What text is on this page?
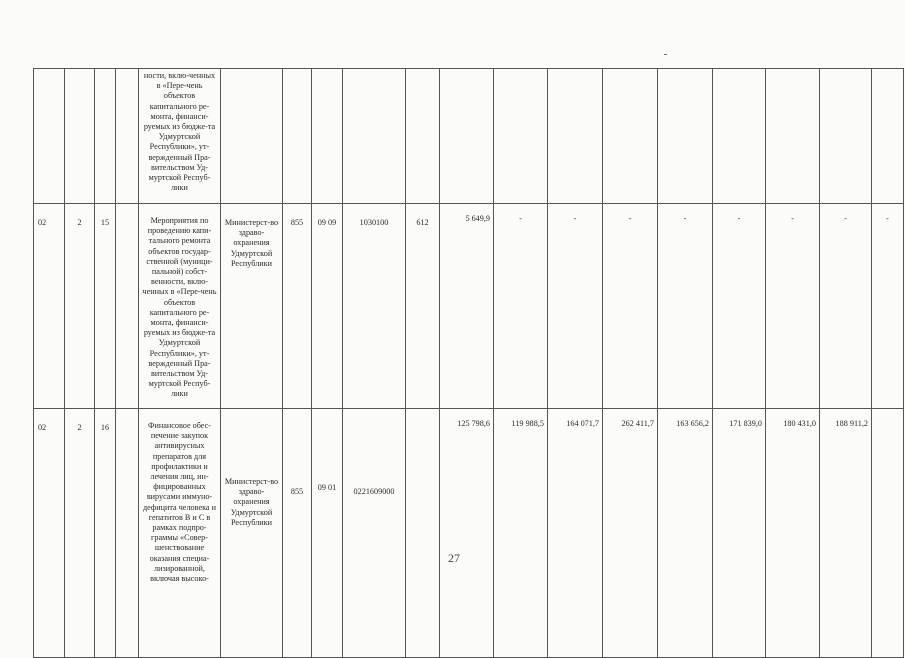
				ности, вклю-ченных в «Пере-чень объектов капитального ре-монта, финанси-руемых из бюдже-та Удмуртской Республики», ут-вержденный Пра-вительством Уд-муртской Респуб-лики														

02	2	15		Мероприятия по проведению капи-тального ремонта объектов государ-ственной (муници-пальной) собст-венности, вклю-ченных в «Пере-чень объектов капитального ре-монта, финанси-руемых из бюдже-та Удмуртской Республики», ут-вержденный Пра-вительством Уд-муртской Респуб-лики	Министерст-во здраво-охранения Удмуртской Республики	855	09 09	1030100	612	5 649,9	-	-	-	-	-	-	-	-
02	2	16		Финансовое обес-печение закупок антивирусных препаратов для профилактики и лечения лиц, ин-фицированных вирусами иммуно-дефицита человека и гепатитов В и С в рамках подпро-граммы «Совер-шенствование оказания специа-лизированной, включая высоко-	Министерст-во здраво-охранения Удмуртской Республики	855	09 01	0221609000		125 798,6	119 988,5	164 071,7	262 411,7	163 656,2	171 839,0	180 431,0	188 911,2	
27
